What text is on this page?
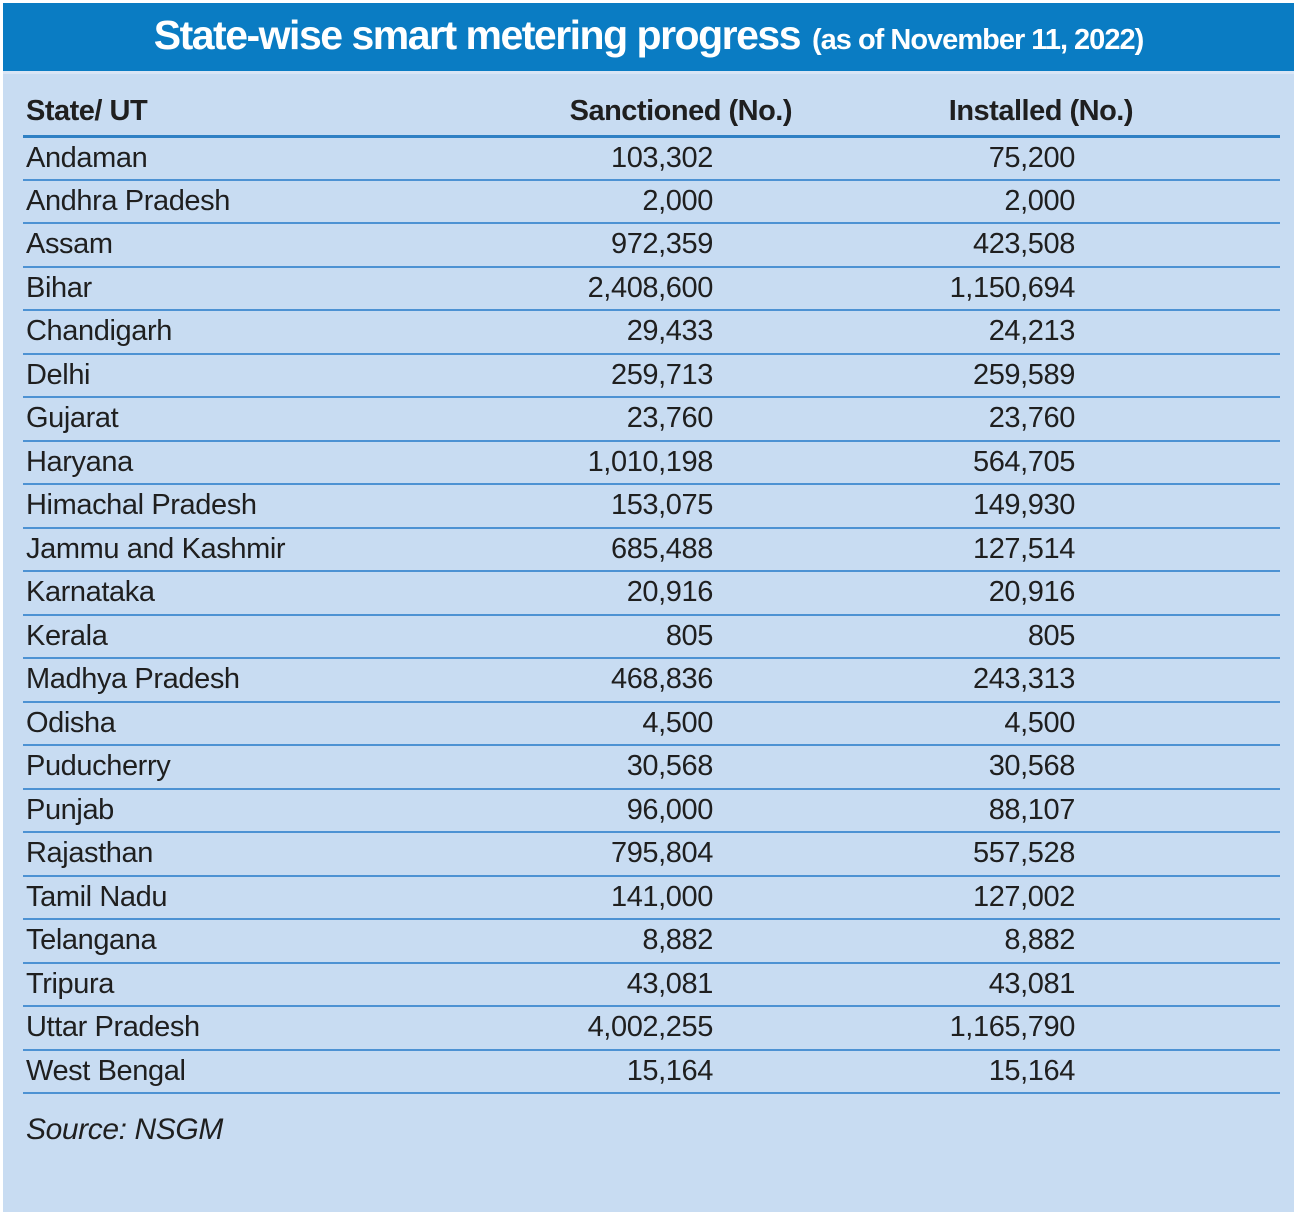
State-wise smart metering progress (as of November 11, 2022)
State/ UT	Sanctioned (No.)	Installed (No.)	
Andaman	103,302	75,200	
Andhra Pradesh	2,000	2,000	
Assam	972,359	423,508	
Bihar	2,408,600	1,150,694	
Chandigarh	29,433	24,213	
Delhi	259,713	259,589	
Gujarat	23,760	23,760	
Haryana	1,010,198	564,705	
Himachal Pradesh	153,075	149,930	
Jammu and Kashmir	685,488	127,514	
Karnataka	20,916	20,916	
Kerala	805	805	
Madhya Pradesh	468,836	243,313	
Odisha	4,500	4,500	
Puducherry	30,568	30,568	
Punjab	96,000	88,107	
Rajasthan	795,804	557,528	
Tamil Nadu	141,000	127,002	
Telangana	8,882	8,882	
Tripura	43,081	43,081	
Uttar Pradesh	4,002,255	1,165,790	
West Bengal	15,164	15,164	
Source: NSGM
